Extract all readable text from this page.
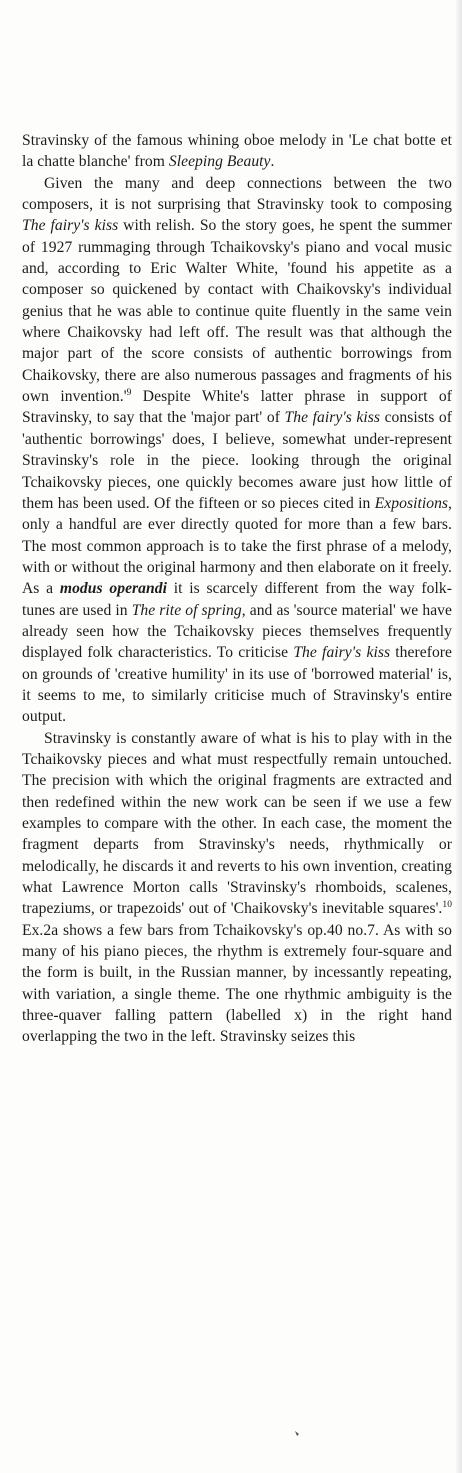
Stravinsky of the famous whining oboe melody in 'Le chat botte et la chatte blanche' from Sleeping Beauty.

Given the many and deep connections between the two composers, it is not surprising that Stravinsky took to composing The fairy's kiss with relish. So the story goes, he spent the summer of 1927 rummaging through Tchaikovsky's piano and vocal music and, according to Eric Walter White, 'found his appetite as a composer so quickened by contact with Chaikovsky's individual genius that he was able to continue quite fluently in the same vein where Chaikovsky had left off. The result was that although the major part of the score consists of authentic borrowings from Chaikovsky, there are also numerous passages and fragments of his own $invention.'^9$ Despite White's latter phrase in support of Stravinsky, to say that the 'major part' of The fairy's kiss consists of 'authentic borrowings' does, I believe, somewhat under-represent Stravinsky's role in the piece. looking through the original Tchaikovsky pieces, one quickly becomes aware just how little of them has been used. Of the fifteen or so pieces cited in Expositions, only a handful are ever directly quoted for more than a few bars. The most common approach is to take the first phrase of a melody, with or without the original harmony and then elaborate on it freely. As a modus operandi it is scarcely different from the way folk-tunes are used in The rite of spring, and as 'source material' we have already seen how the Tchaikovsky pieces themselves frequently displayed folk characteristics. To criticise The fairy's kiss therefore on grounds of 'creative humility' in its use of 'borrowed material' is, it seems to me, to similarly criticise much of Stravinsky's entire output.

Stravinsky is constantly aware of what is his to play with in the Tchaikovsky pieces and what must respectfully remain untouched. The precision with which the original fragments are extracted and then redefined within the new work can be seen if we use a few examples to compare with the other. In each case, the moment the fragment departs from Stravinsky's needs, rhythmically or melodically, he discards it and reverts to his own invention, creating what Lawrence Morton calls 'Stravinsky's rhomboids, scalenes, trapeziums, or trapezoids' out of 'Chaikovsky's inevitable squares'.$^{10}$ Ex.2a shows a few bars from Tchaikovsky's op.40 no.7. As with so many of his piano pieces, the rhythm is extremely four-square and the form is built, in the Russian manner, by incessantly repeating, with variation, a single theme. The one rhythmic ambiguity is the three-quaver falling pattern (labelled x) in the right hand overlapping the two in the left. Stravinsky seizes this
